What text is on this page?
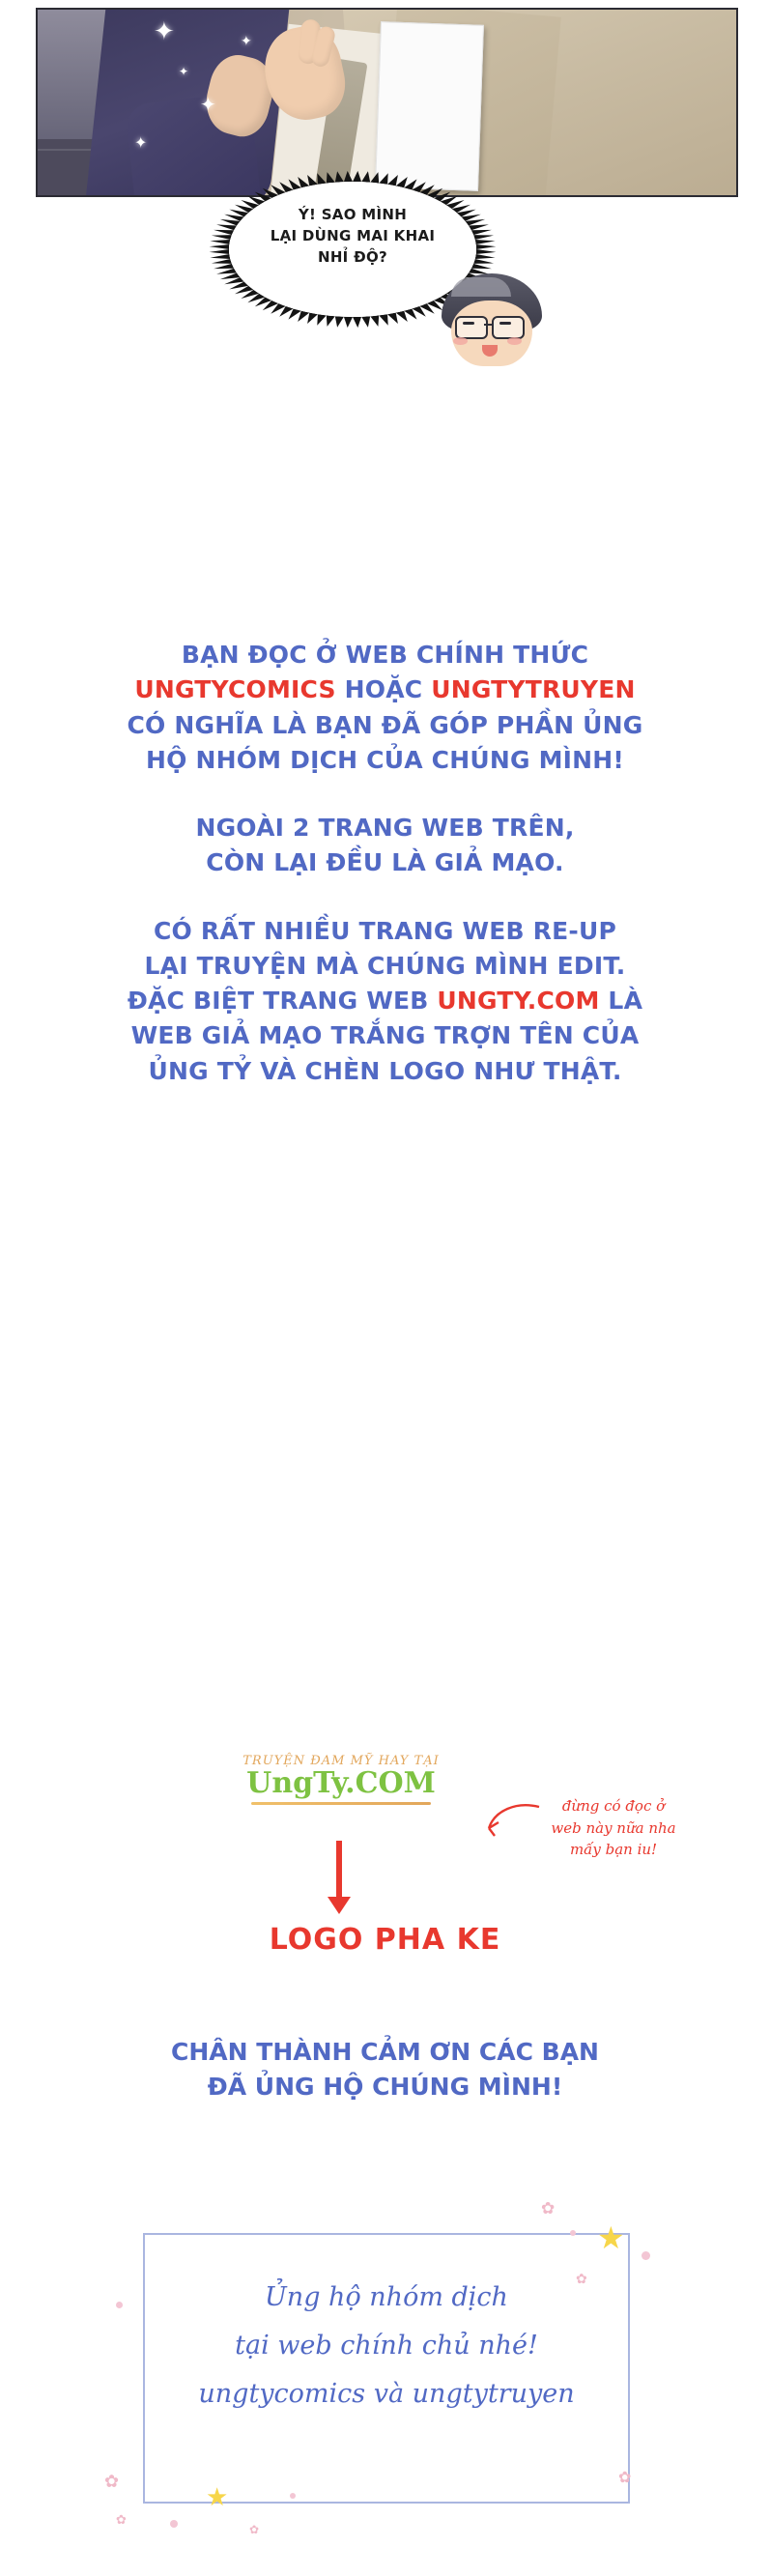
✦
✦
✦
✦
✦
Ý! SAO MÌNH
LẠI DÙNG MAI KHAI
NHỈ ĐỘ?
BẠN ĐỌC Ở WEB CHÍNH THỨC
UNGTYCOMICS HOẶC UNGTYTRUYEN
CÓ NGHĨA LÀ BẠN ĐÃ GÓP PHẦN ỦNG
HỘ NHÓM DỊCH CỦA CHÚNG MÌNH!
NGOÀI 2 TRANG WEB TRÊN,
CÒN LẠI ĐỀU LÀ GIẢ MẠO.
CÓ RẤT NHIỀU TRANG WEB RE-UP
LẠI TRUYỆN MÀ CHÚNG MÌNH EDIT.
ĐẶC BIỆT TRANG WEB UNGTY.COM LÀ
WEB GIẢ MẠO TRẮNG TRỢN TÊN CỦA
ỦNG TỶ VÀ CHÈN LOGO NHƯ THẬT.
TRUYỆN ĐAM MỸ HAY TẠI
UngTy.COM
đừng có đọc ở
web này nữa nha
mấy bạn iu!
LOGO PHA KE
CHÂN THÀNH CẢM ƠN CÁC BẠN
ĐÃ ỦNG HỘ CHÚNG MÌNH!
Ủng hộ nhóm dịch
tại web chính chủ nhé!
ungtycomics và ungtytruyen
★
✿
✿
★
✿
✿
✿
✿
